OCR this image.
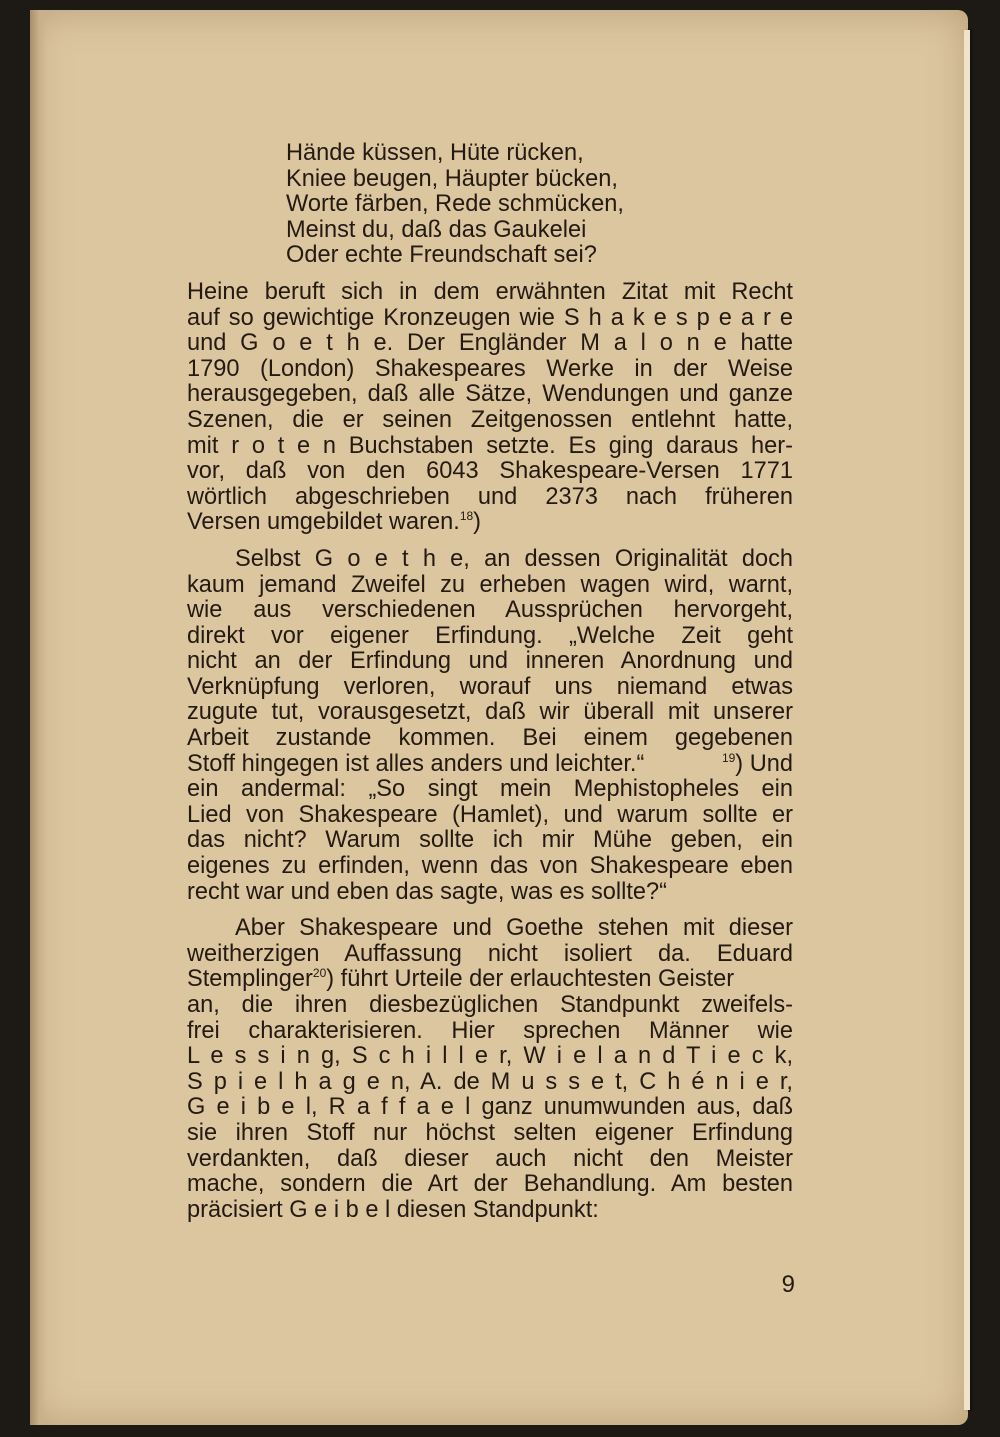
Hände küssen, Hüte rücken,
Kniee beugen, Häupter bücken,
Worte färben, Rede schmücken,
Meinst du, daß das Gaukelei
Oder echte Freundschaft sei?
Heine beruft sich in dem erwähnten Zitat mit Recht
auf so gewichtige Kronzeugen wie S h a k e s p e a r e
und G o e t h e. Der Engländer M a l o n e hatte
1790 (London) Shakespeares Werke in der Weise
herausgegeben, daß alle Sätze, Wendungen und ganze
Szenen, die er seinen Zeitgenossen entlehnt hatte,
mit r o t e n Buchstaben setzte. Es ging daraus her-
vor, daß von den 6043 Shakespeare-Versen 1771
wörtlich abgeschrieben und 2373 nach früheren
Versen umgebildet waren.$^{18}$)
Selbst G o e t h e, an dessen Originalität doch
kaum jemand Zweifel zu erheben wagen wird, warnt,
wie aus verschiedenen Aussprüchen hervorgeht,
direkt vor eigener Erfindung. „Welche Zeit geht
nicht an der Erfindung und inneren Anordnung und
Verknüpfung verloren, worauf uns niemand etwas
zugute tut, vorausgesetzt, daß wir überall mit unserer
Arbeit zustande kommen. Bei einem gegebenen
Stoff hingegen ist alles anders und leichter.“	$^{19}$) Und
ein andermal: „So singt mein Mephistopheles ein
Lied von Shakespeare (Hamlet), und warum sollte er
das nicht? Warum sollte ich mir Mühe geben, ein
eigenes zu erfinden, wenn das von Shakespeare eben
recht war und eben das sagte, was es sollte?“
Aber Shakespeare und Goethe stehen mit dieser
weitherzigen Auffassung nicht isoliert da. Eduard
Stemplinger$^{20}$) führt Urteile der erlauchtesten Geister
an, die ihren diesbezüglichen Standpunkt zweifels-
frei charakterisieren. Hier sprechen Männer wie
L e s s i n g, S c h i l l e r, W i e l a n d T i e c k,
S p i e l h a g e n, A. de M u s s e t, C h é n i e r,
G e i b e l, R a f f a e l ganz unumwunden aus, daß
sie ihren Stoff nur höchst selten eigener Erfindung
verdankten, daß dieser auch nicht den Meister
mache, sondern die Art der Behandlung. Am besten
präcisiert G e i b e l diesen Standpunkt:
9
